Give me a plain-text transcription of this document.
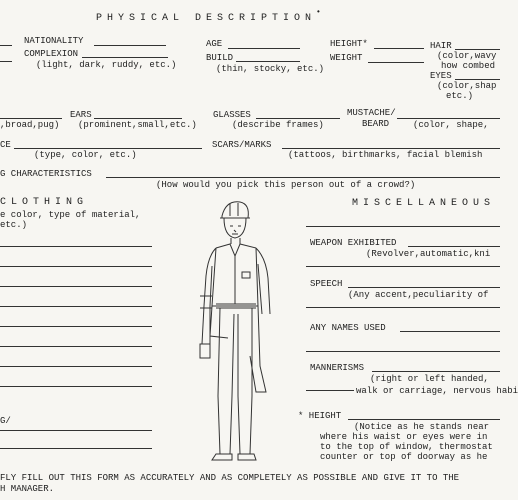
PHYSICAL DESCRIPTION
•
NATIONALITY
COMPLEXION
(light, dark, ruddy, etc.)
AGE
BUILD
(thin, stocky, etc.)
HEIGHT*
WEIGHT
HAIR
(color,wavy
how combed
EYES
(color,shap
etc.)
,broad,pug)
EARS
(prominent,small,etc.)
GLASSES
(describe frames)
MUSTACHE/
BEARD	(color, shape,
CE
(type, color, etc.)
SCARS/MARKS
(tattoos, birthmarks, facial blemish
G CHARACTERISTICS
(How would you pick this person out of a crowd?)
CLOTHING
e color, type of material,
etc.)
G/
MISCELLANEOUS
WEAPON EXHIBITED
(Revolver,automatic,kni
SPEECH
(Any accent,peculiarity of
ANY NAMES USED
MANNERISMS
(right or left handed,
walk or carriage, nervous habi
* HEIGHT
(Notice as he stands near
where his waist or eyes were in
to the top of window, thermostat
counter or top of doorway as he
FLY FILL OUT THIS FORM AS ACCURATELY AND AS COMPLETELY AS POSSIBLE AND GIVE IT TO THE
H MANAGER.
